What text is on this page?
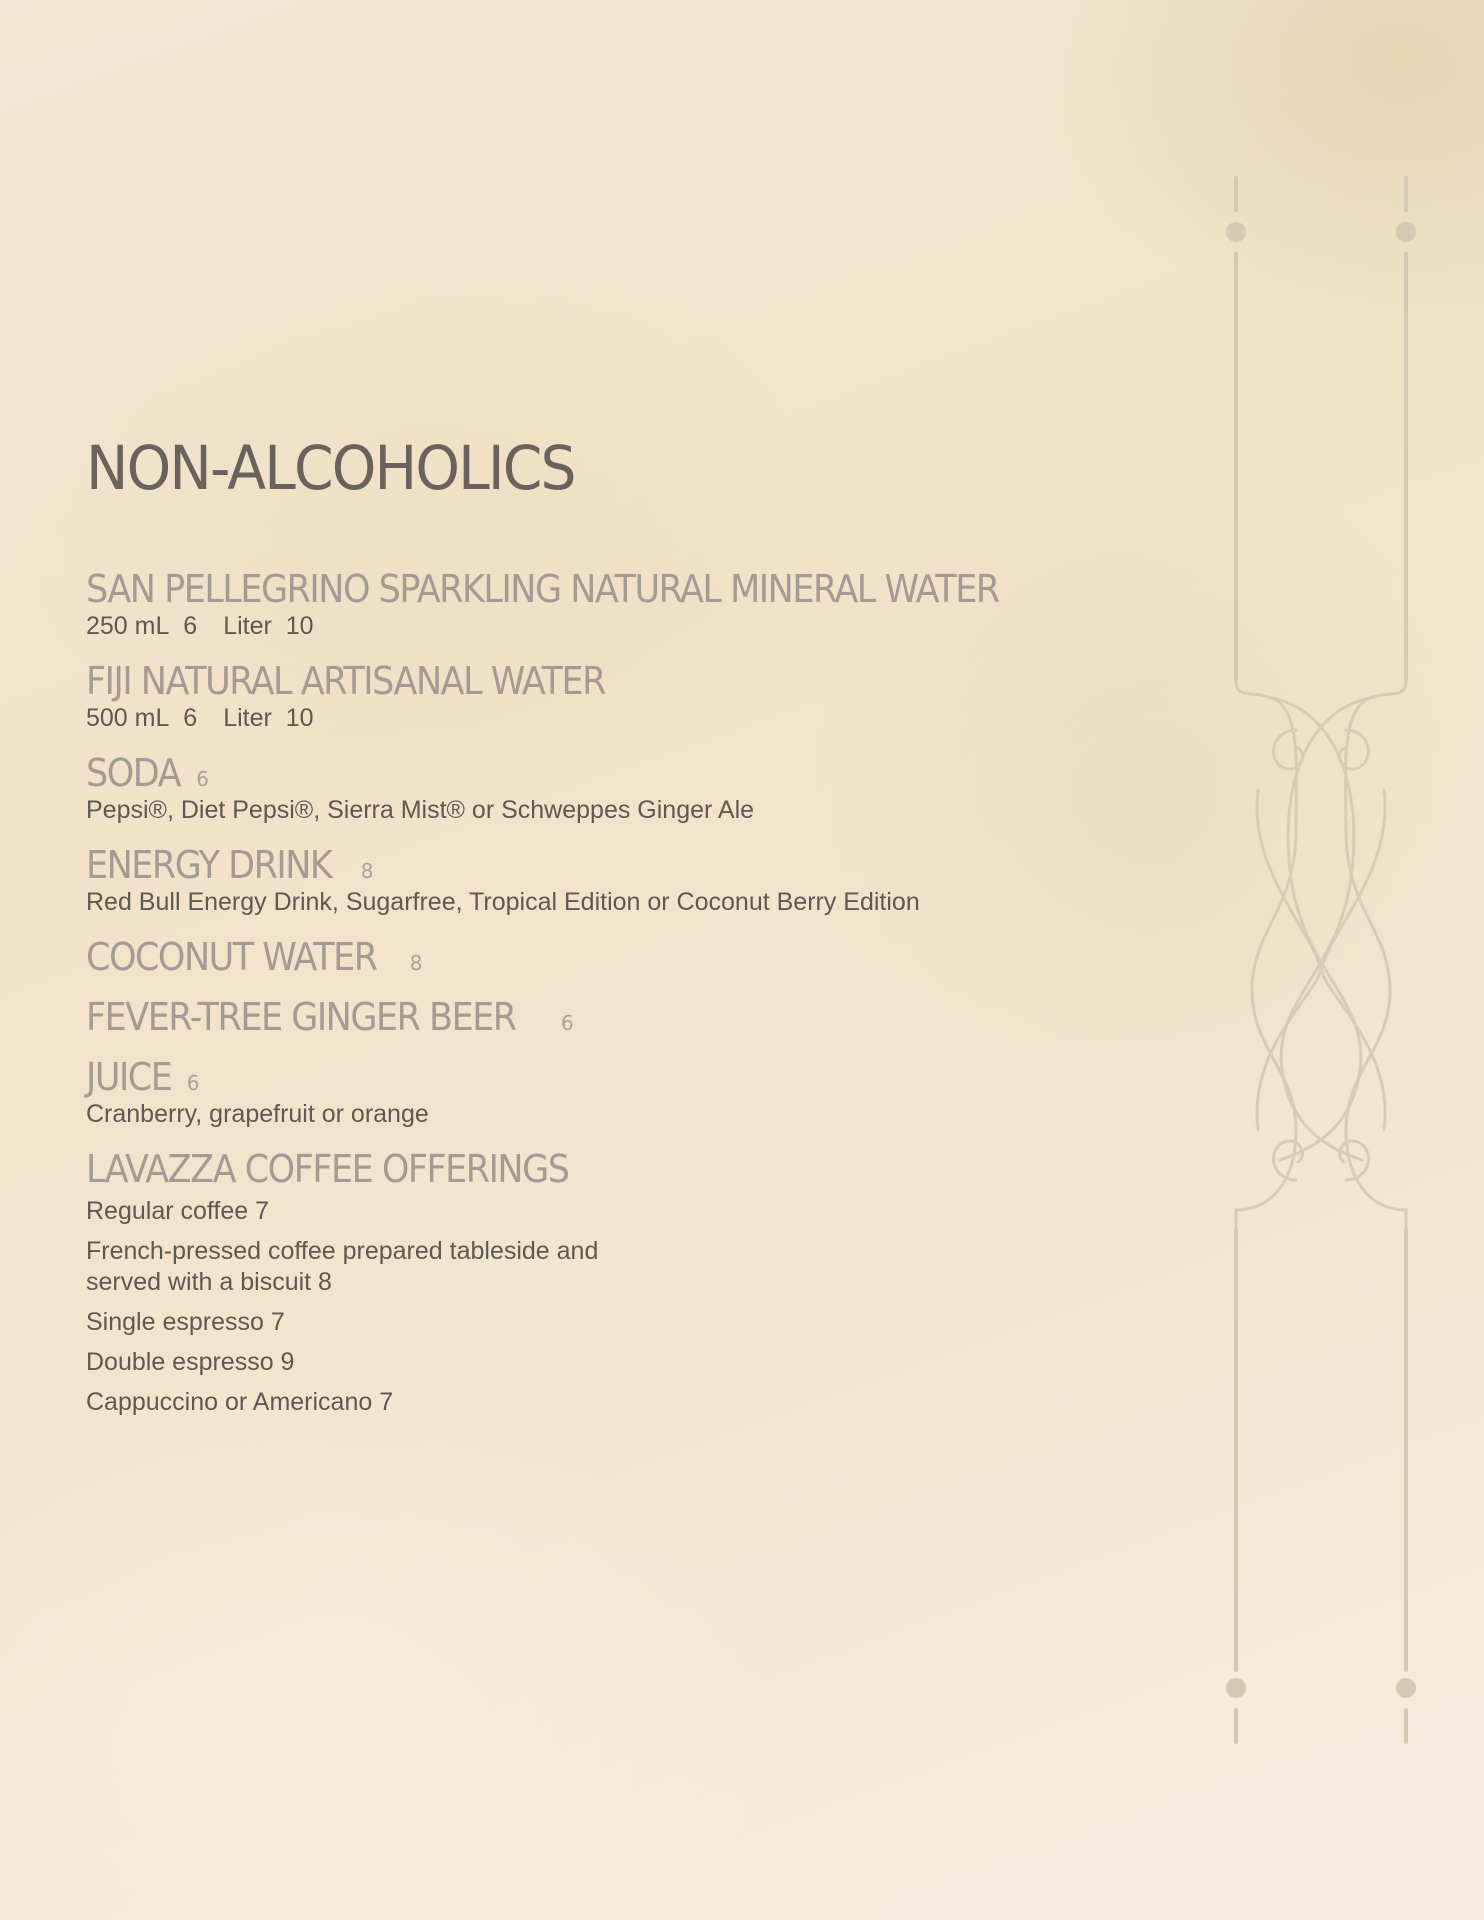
NON-ALCOHOLICS
SAN PELLEGRINO SPARKLING NATURAL MINERAL WATER

250 mL 6 Liter 10

FIJI NATURAL ARTISANAL WATER

500 mL 6 Liter 10

SODA 6

Pepsi®, Diet Pepsi®, Sierra Mist® or Schweppes Ginger Ale

ENERGY DRINK 8

Red Bull Energy Drink, Sugarfree, Tropical Edition or Coconut Berry Edition

COCONUT WATER 8
FEVER-TREE GINGER BEER 6
JUICE 6

Cranberry, grapefruit or orange

LAVAZZA COFFEE OFFERINGS
Regular coffee 7
French-pressed coffee prepared tableside and
served with a biscuit 8
Single espresso 7
Double espresso 9
Cappuccino or Americano 7
